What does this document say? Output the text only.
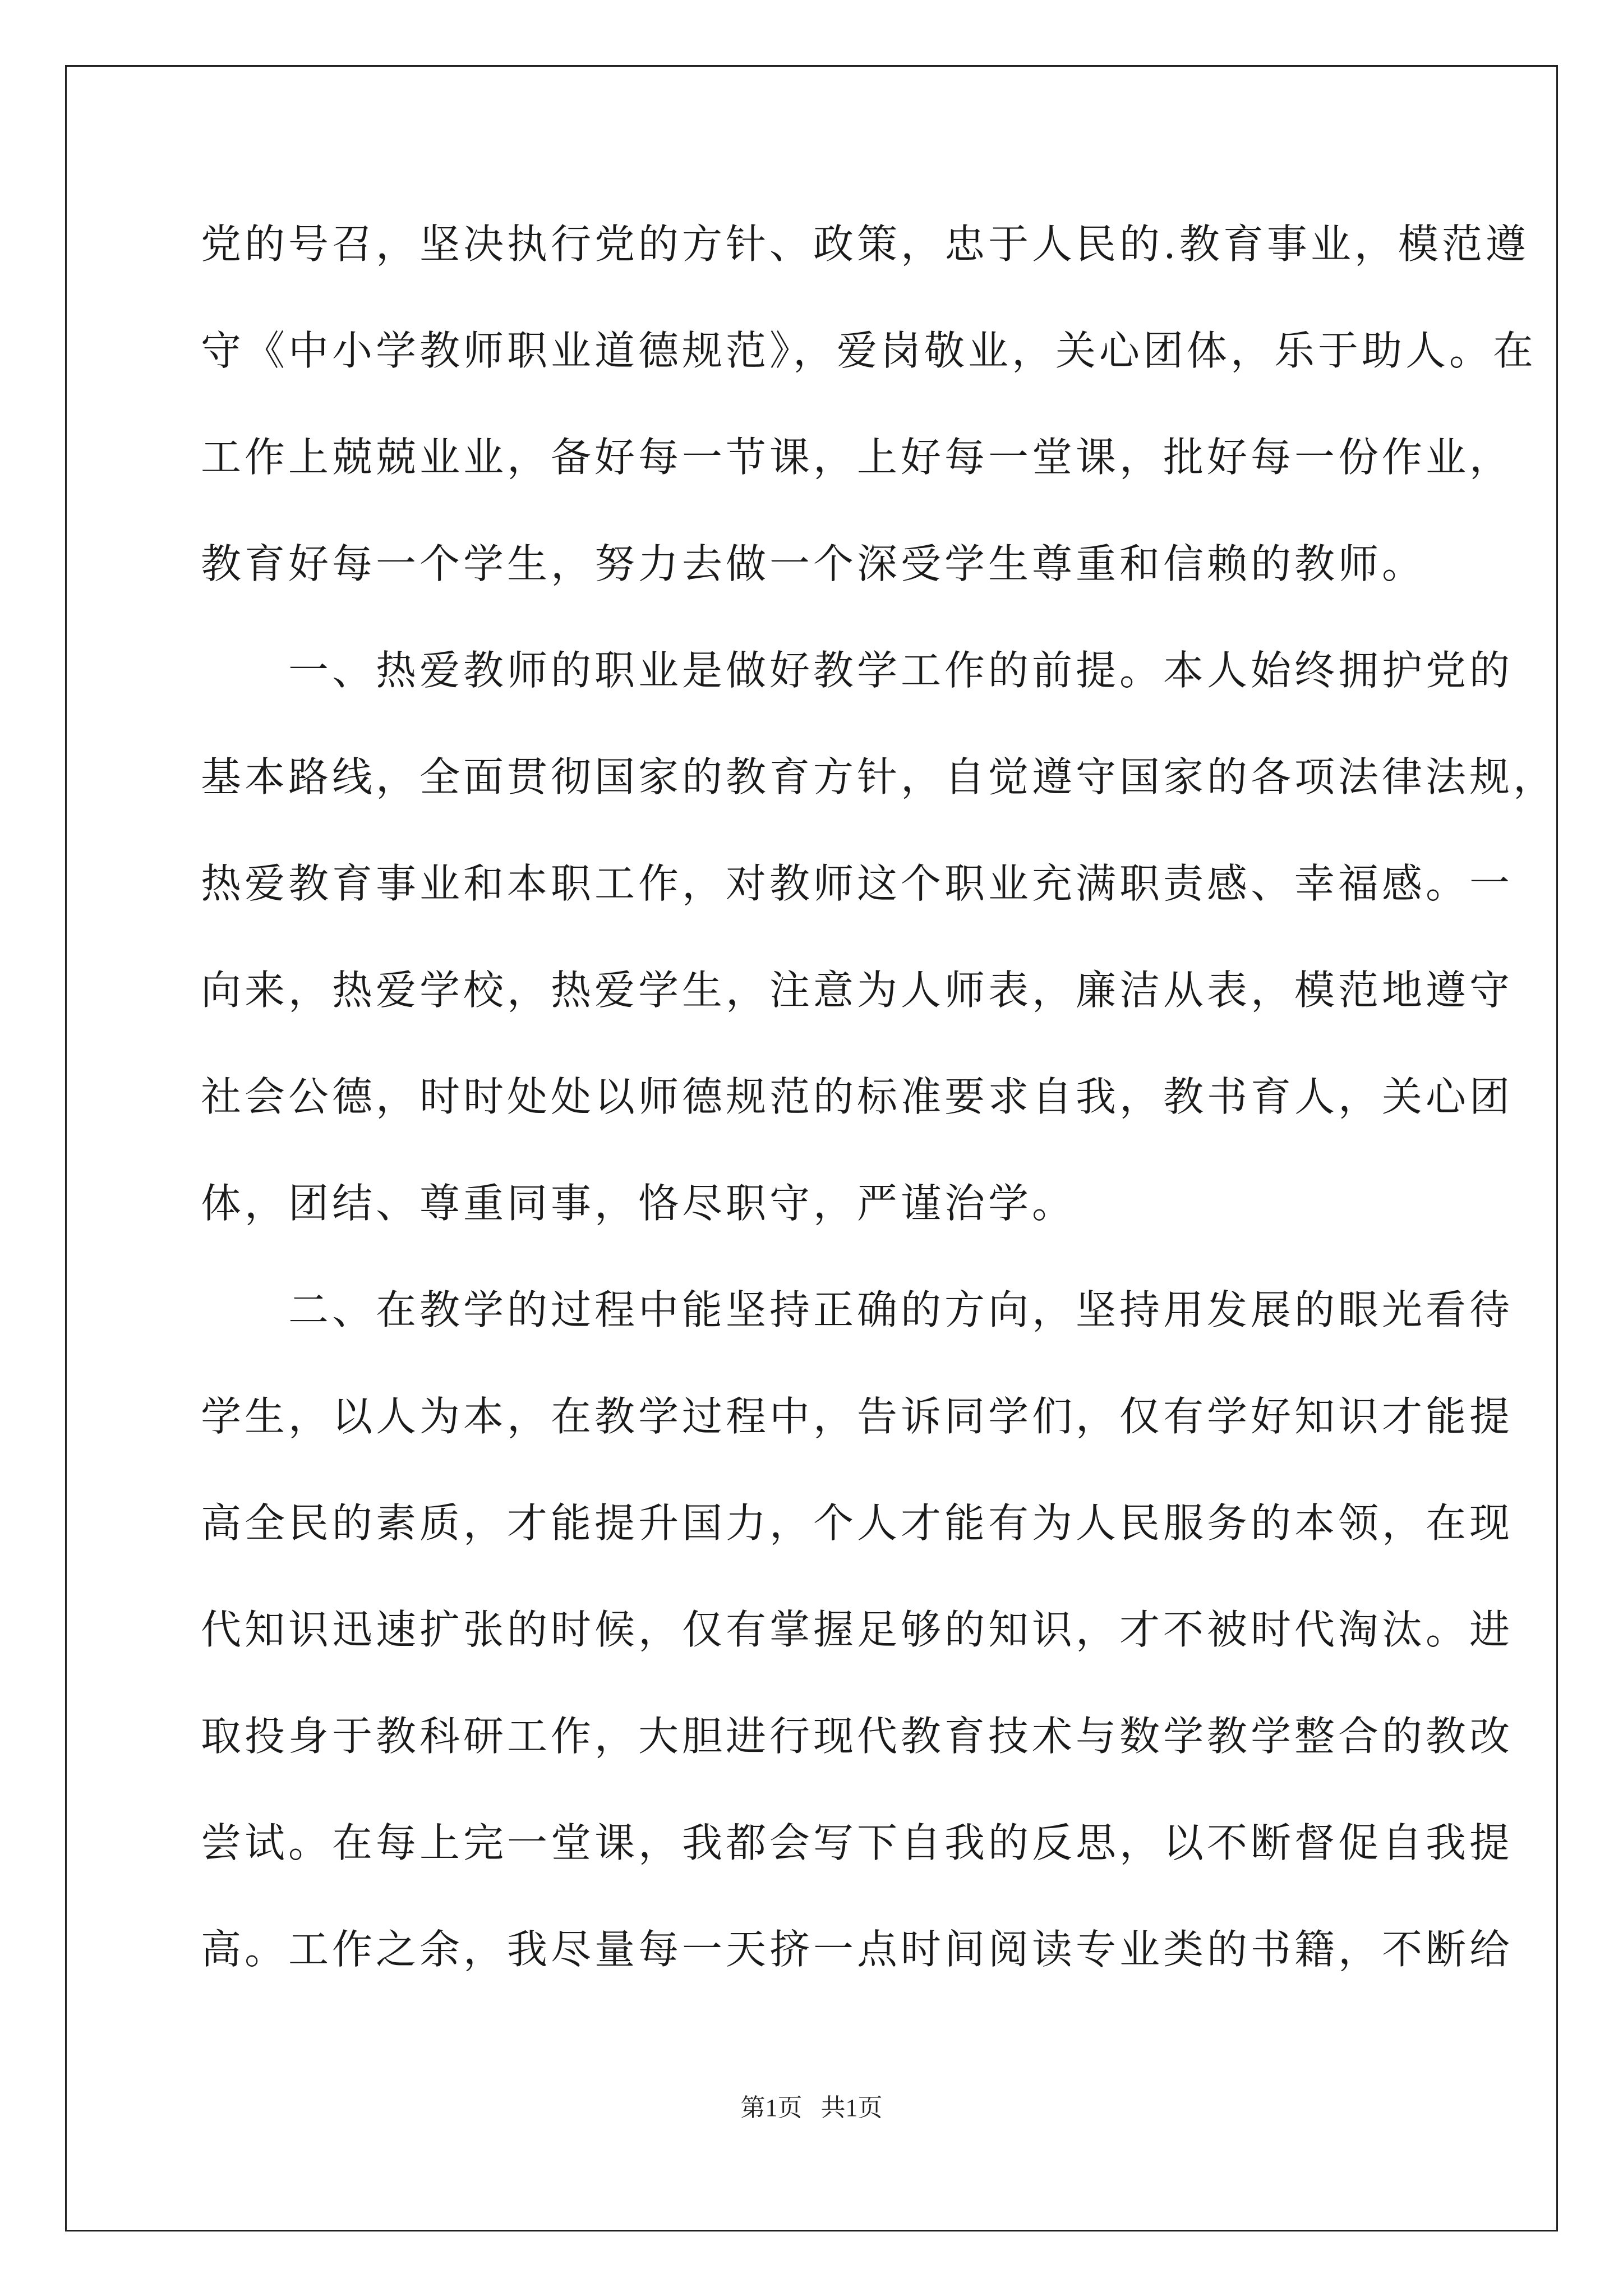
党的号召，坚决执行党的方针、政策，忠于人民的.教育事业，模范遵
守《中小学教师职业道德规范》，爱岗敬业，关心团体，乐于助人。在
工作上兢兢业业，备好每一节课，上好每一堂课，批好每一份作业，
教育好每一个学生，努力去做一个深受学生尊重和信赖的教师。
　　一、热爱教师的职业是做好教学工作的前提。本人始终拥护党的
基本路线，全面贯彻国家的教育方针，自觉遵守国家的各项法律法规，
热爱教育事业和本职工作，对教师这个职业充满职责感、幸福感。一
向来，热爱学校，热爱学生，注意为人师表，廉洁从表，模范地遵守
社会公德，时时处处以师德规范的标准要求自我，教书育人，关心团
体，团结、尊重同事，恪尽职守，严谨治学。
　　二、在教学的过程中能坚持正确的方向，坚持用发展的眼光看待
学生，以人为本，在教学过程中，告诉同学们，仅有学好知识才能提
高全民的素质，才能提升国力，个人才能有为人民服务的本领，在现
代知识迅速扩张的时候，仅有掌握足够的知识，才不被时代淘汰。进
取投身于教科研工作，大胆进行现代教育技术与数学教学整合的教改
尝试。在每上完一堂课，我都会写下自我的反思，以不断督促自我提
高。工作之余，我尽量每一天挤一点时间阅读专业类的书籍，不断给
第1页 共1页
